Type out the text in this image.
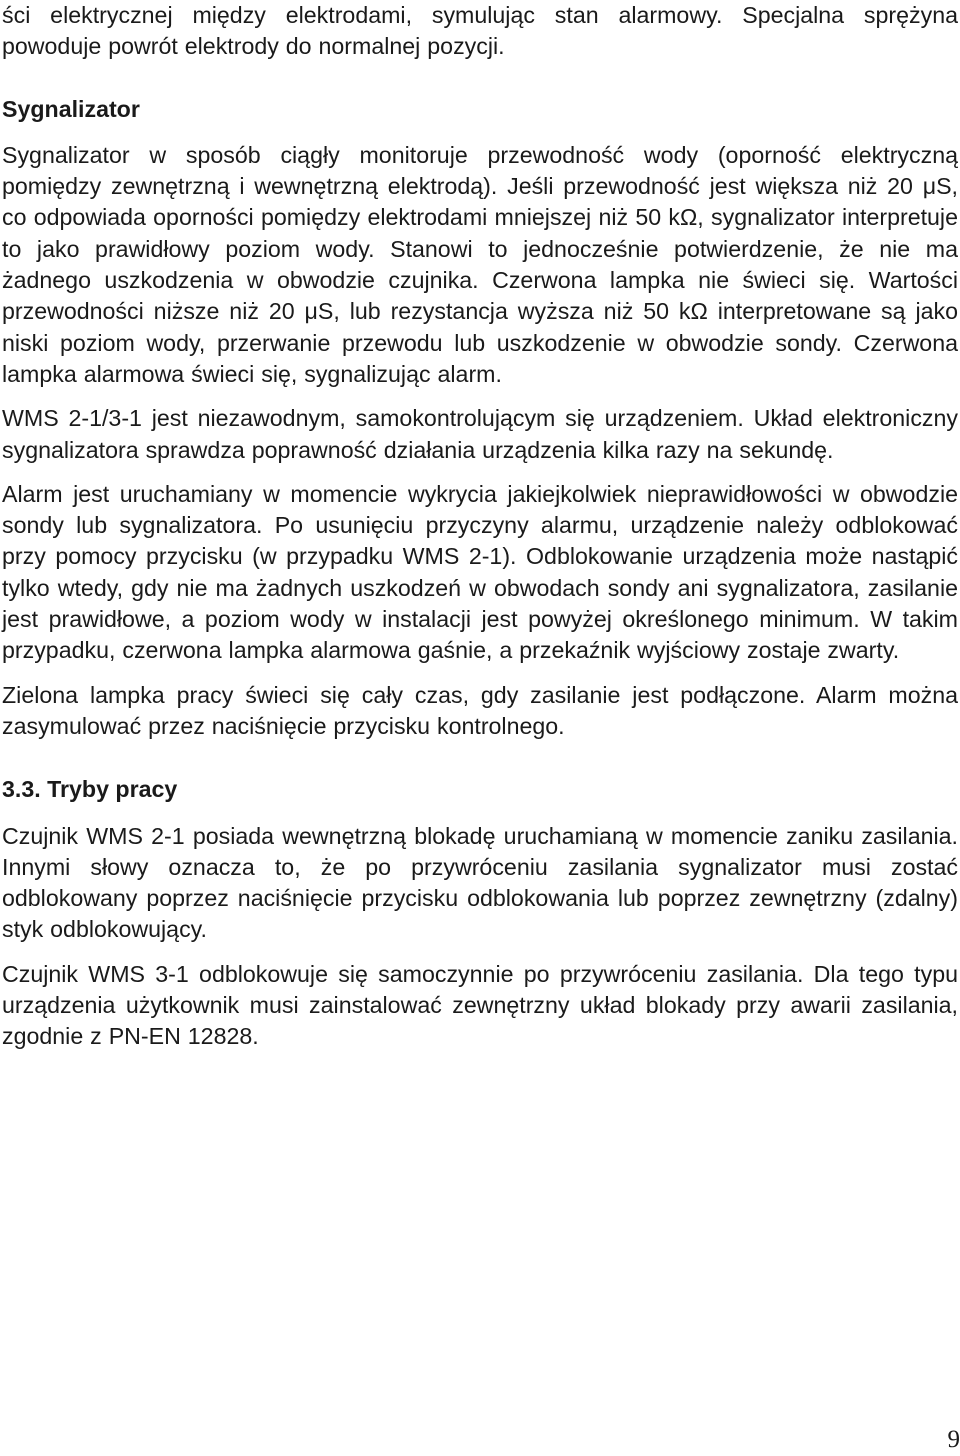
ści elektrycznej między elektrodami, symulując stan alarmowy. Specjalna sprężyna powoduje powrót elektrody do normalnej pozycji.

Sygnalizator

Sygnalizator w sposób ciągły monitoruje przewodność wody (oporność elektryczną pomiędzy zewnętrzną i wewnętrzną elektrodą). Jeśli przewodność jest większa niż 20 μS, co odpowiada oporności pomiędzy elektrodami mniejszej niż 50 kΩ, sygnalizator interpretuje to jako prawidłowy poziom wody. Stanowi to jednocześnie potwierdzenie, że nie ma żadnego uszkodzenia w obwodzie czujnika. Czerwona lampka nie świeci się. Wartości przewodności niższe niż 20 μS, lub rezystancja wyższa niż 50 kΩ interpretowane są jako niski poziom wody, przerwanie przewodu lub uszkodzenie w obwodzie sondy. Czerwona lampka alarmowa świeci się, sygnalizując alarm.

WMS 2-1/3-1 jest niezawodnym, samokontrolującym się urządzeniem. Układ elektroniczny sygnalizatora sprawdza poprawność działania urządzenia kilka razy na sekundę.

Alarm jest uruchamiany w momencie wykrycia jakiejkolwiek nieprawidłowości w obwodzie sondy lub sygnalizatora. Po usunięciu przyczyny alarmu, urządzenie należy odblokować przy pomocy przycisku (w przypadku WMS 2-1). Odblokowanie urządzenia może nastąpić tylko wtedy, gdy nie ma żadnych uszkodzeń w obwodach sondy ani sygnalizatora, zasilanie jest prawidłowe, a poziom wody w instalacji jest powyżej określonego minimum. W takim przypadku, czerwona lampka alarmowa gaśnie, a przekaźnik wyjściowy zostaje zwarty.

Zielona lampka pracy świeci się cały czas, gdy zasilanie jest podłączone. Alarm można zasymulować przez naciśnięcie przycisku kontrolnego.

3.3. Tryby pracy

Czujnik WMS 2-1 posiada wewnętrzną blokadę uruchamianą w momencie zaniku zasilania. Innymi słowy oznacza to, że po przywróceniu zasilania sygnalizator musi zostać odblokowany poprzez naciśnięcie przycisku odblokowania lub poprzez zewnętrzny (zdalny) styk odblokowujący.

Czujnik WMS 3-1 odblokowuje się samoczynnie po przywróceniu zasilania. Dla tego typu urządzenia użytkownik musi zainstalować zewnętrzny układ blokady przy awarii zasilania, zgodnie z PN-EN 12828.

9
